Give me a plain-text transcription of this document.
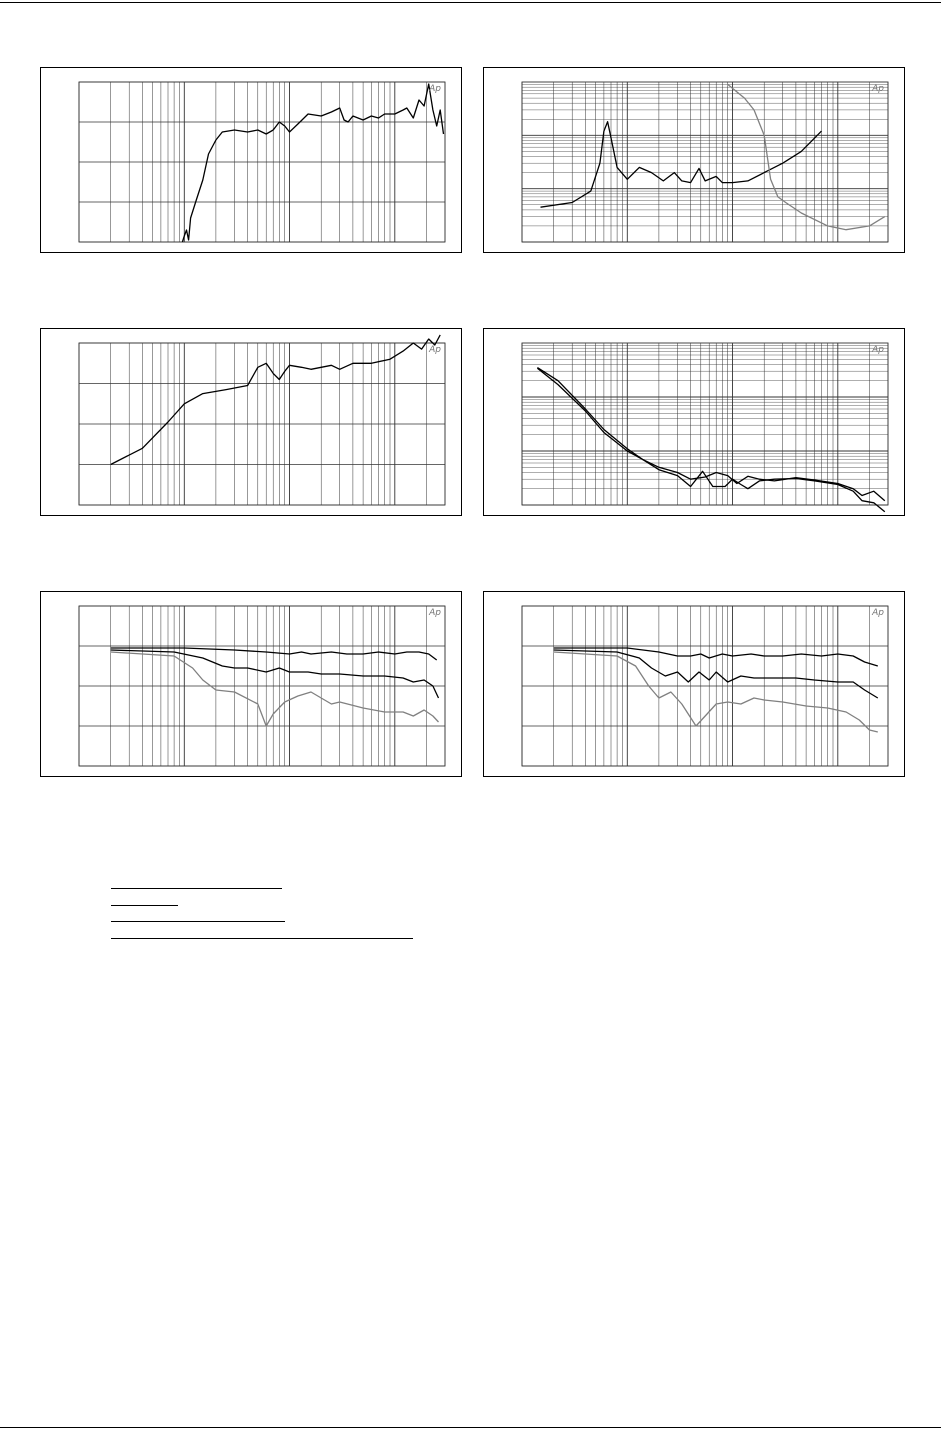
Ap	Ap
Ap	Ap
Ap	Ap
